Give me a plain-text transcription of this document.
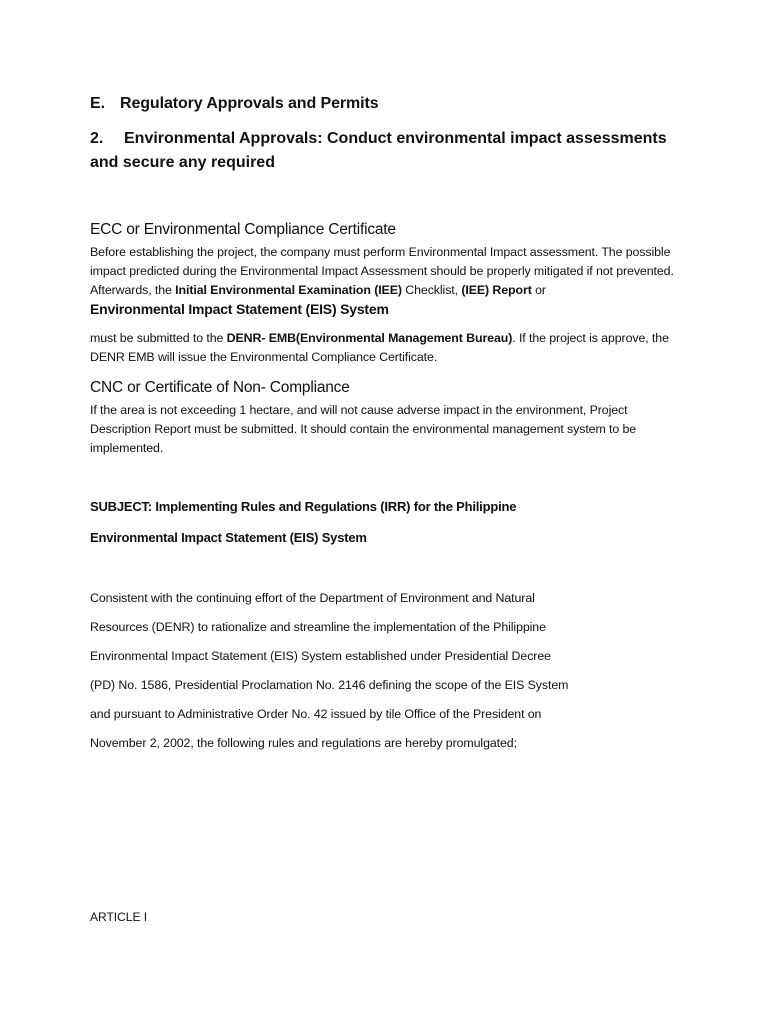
E. Regulatory Approvals and Permits

2. Environmental Approvals: Conduct environmental impact assessments and secure any required

ECC or Environmental Compliance Certificate

Before establishing the project, the company must perform Environmental Impact assessment. The possible impact predicted during the Environmental Impact Assessment should be properly mitigated if not prevented. Afterwards, the Initial Environmental Examination (IEE) Checklist, (IEE) Report or

Environmental Impact Statement (EIS) System

must be submitted to the DENR- EMB(Environmental Management Bureau). If the project is approve, the DENR EMB will issue the Environmental Compliance Certificate.

CNC or Certificate of Non- Compliance

If the area is not exceeding 1 hectare, and will not cause adverse impact in the environment, Project Description Report must be submitted. It should contain the environmental management system to be implemented.

SUBJECT: Implementing Rules and Regulations (IRR) for the Philippine

Environmental Impact Statement (EIS) System

Consistent with the continuing effort of the Department of Environment and Natural

Resources (DENR) to rationalize and streamline the implementation of the Philippine

Environmental Impact Statement (EIS) System established under Presidential Decree

(PD) No. 1586, Presidential Proclamation No. 2146 defining the scope of the EIS System

and pursuant to Administrative Order No. 42 issued by tile Office of the President on

November 2, 2002, the following rules and regulations are hereby promulgated;

ARTICLE I
